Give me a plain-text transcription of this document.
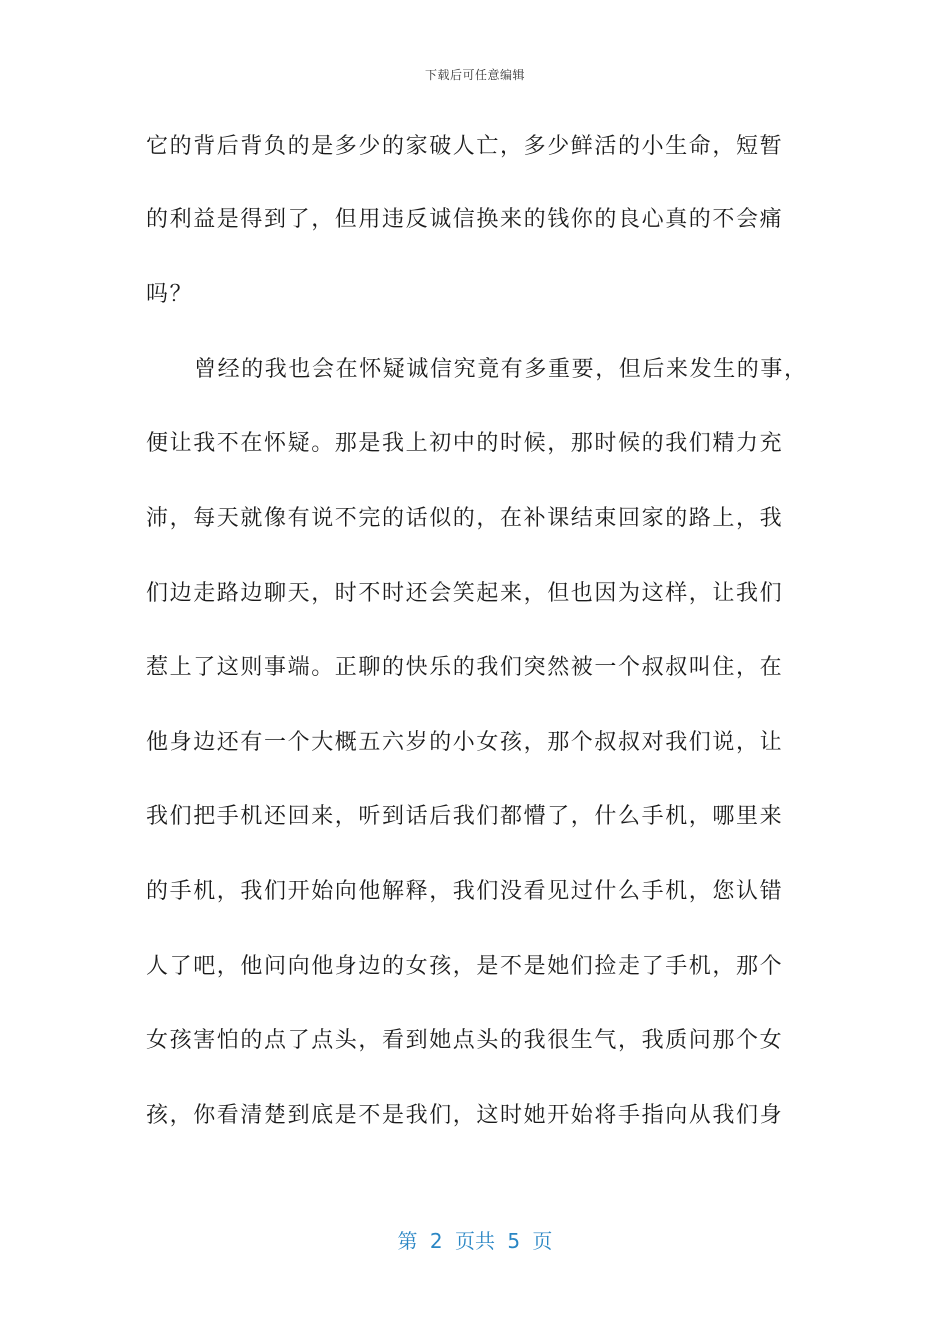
下载后可任意编辑
它的背后背负的是多少的家破人亡，多少鲜活的小生命，短暂
的利益是得到了，但用违反诚信换来的钱你的良心真的不会痛
吗？
曾经的我也会在怀疑诚信究竟有多重要，但后来发生的事，
便让我不在怀疑。那是我上初中的时候，那时候的我们精力充
沛，每天就像有说不完的话似的，在补课结束回家的路上，我
们边走路边聊天，时不时还会笑起来，但也因为这样，让我们
惹上了这则事端。正聊的快乐的我们突然被一个叔叔叫住，在
他身边还有一个大概五六岁的小女孩，那个叔叔对我们说，让
我们把手机还回来，听到话后我们都懵了，什么手机，哪里来
的手机，我们开始向他解释，我们没看见过什么手机，您认错
人了吧，他问向他身边的女孩，是不是她们捡走了手机，那个
女孩害怕的点了点头，看到她点头的我很生气，我质问那个女
孩，你看清楚到底是不是我们，这时她开始将手指向从我们身
第 2 页共 5 页
